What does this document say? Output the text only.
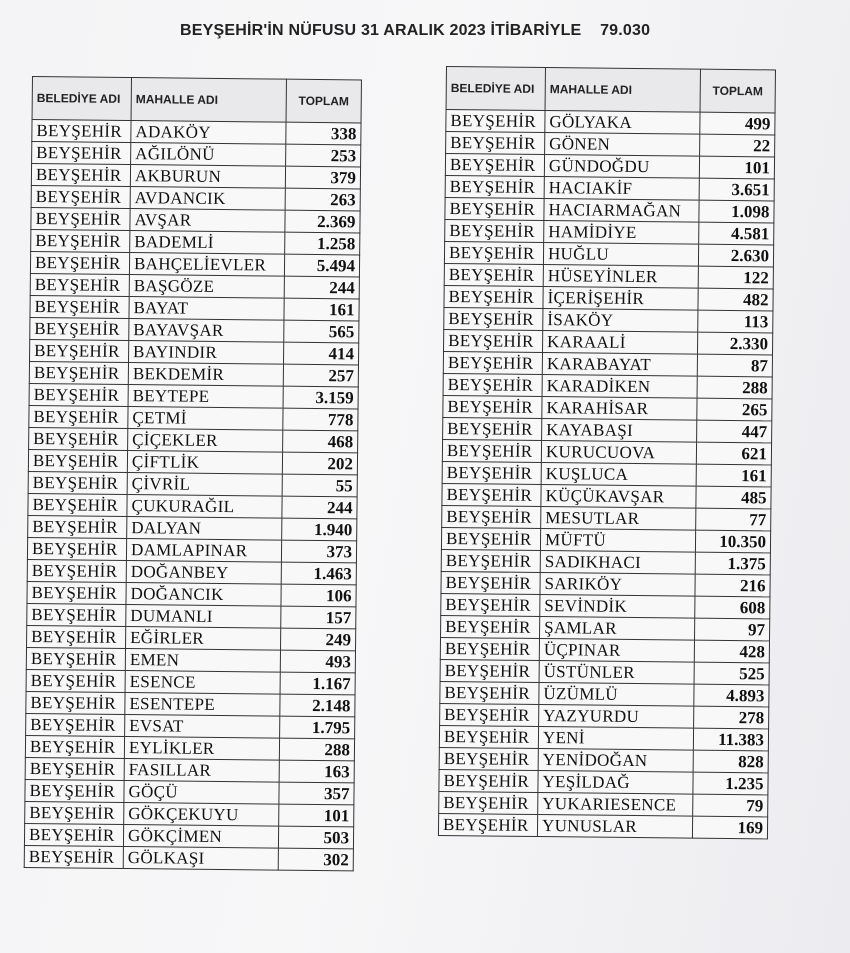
BEYŞEHİR'İN NÜFUSU 31 ARALIK 2023 İTİBARİYLE 79.030
BELEDİYE ADI	MAHALLE ADI	TOPLAM
BEYŞEHİR	ADAKÖY	338
BEYŞEHİR	AĞILÖNÜ	253
BEYŞEHİR	AKBURUN	379
BEYŞEHİR	AVDANCIK	263
BEYŞEHİR	AVŞAR	2.369
BEYŞEHİR	BADEMLİ	1.258
BEYŞEHİR	BAHÇELİEVLER	5.494
BEYŞEHİR	BAŞGÖZE	244
BEYŞEHİR	BAYAT	161
BEYŞEHİR	BAYAVŞAR	565
BEYŞEHİR	BAYINDIR	414
BEYŞEHİR	BEKDEMİR	257
BEYŞEHİR	BEYTEPE	3.159
BEYŞEHİR	ÇETMİ	778
BEYŞEHİR	ÇİÇEKLER	468
BEYŞEHİR	ÇİFTLİK	202
BEYŞEHİR	ÇİVRİL	55
BEYŞEHİR	ÇUKURAĞIL	244
BEYŞEHİR	DALYAN	1.940
BEYŞEHİR	DAMLAPINAR	373
BEYŞEHİR	DOĞANBEY	1.463
BEYŞEHİR	DOĞANCIK	106
BEYŞEHİR	DUMANLI	157
BEYŞEHİR	EĞİRLER	249
BEYŞEHİR	EMEN	493
BEYŞEHİR	ESENCE	1.167
BEYŞEHİR	ESENTEPE	2.148
BEYŞEHİR	EVSAT	1.795
BEYŞEHİR	EYLİKLER	288
BEYŞEHİR	FASILLAR	163
BEYŞEHİR	GÖÇÜ	357
BEYŞEHİR	GÖKÇEKUYU	101
BEYŞEHİR	GÖKÇİMEN	503
BEYŞEHİR	GÖLKAŞI	302
BELEDİYE ADI	MAHALLE ADI	TOPLAM
BEYŞEHİR	GÖLYAKA	499
BEYŞEHİR	GÖNEN	22
BEYŞEHİR	GÜNDOĞDU	101
BEYŞEHİR	HACIAKİF	3.651
BEYŞEHİR	HACIARMAĞAN	1.098
BEYŞEHİR	HAMİDİYE	4.581
BEYŞEHİR	HUĞLU	2.630
BEYŞEHİR	HÜSEYİNLER	122
BEYŞEHİR	İÇERİŞEHİR	482
BEYŞEHİR	İSAKÖY	113
BEYŞEHİR	KARAALİ	2.330
BEYŞEHİR	KARABAYAT	87
BEYŞEHİR	KARADİKEN	288
BEYŞEHİR	KARAHİSAR	265
BEYŞEHİR	KAYABAŞI	447
BEYŞEHİR	KURUCUOVA	621
BEYŞEHİR	KUŞLUCA	161
BEYŞEHİR	KÜÇÜKAVŞAR	485
BEYŞEHİR	MESUTLAR	77
BEYŞEHİR	MÜFTÜ	10.350
BEYŞEHİR	SADIKHACI	1.375
BEYŞEHİR	SARIKÖY	216
BEYŞEHİR	SEVİNDİK	608
BEYŞEHİR	ŞAMLAR	97
BEYŞEHİR	ÜÇPINAR	428
BEYŞEHİR	ÜSTÜNLER	525
BEYŞEHİR	ÜZÜMLÜ	4.893
BEYŞEHİR	YAZYURDU	278
BEYŞEHİR	YENİ	11.383
BEYŞEHİR	YENİDOĞAN	828
BEYŞEHİR	YEŞİLDAĞ	1.235
BEYŞEHİR	YUKARIESENCE	79
BEYŞEHİR	YUNUSLAR	169
